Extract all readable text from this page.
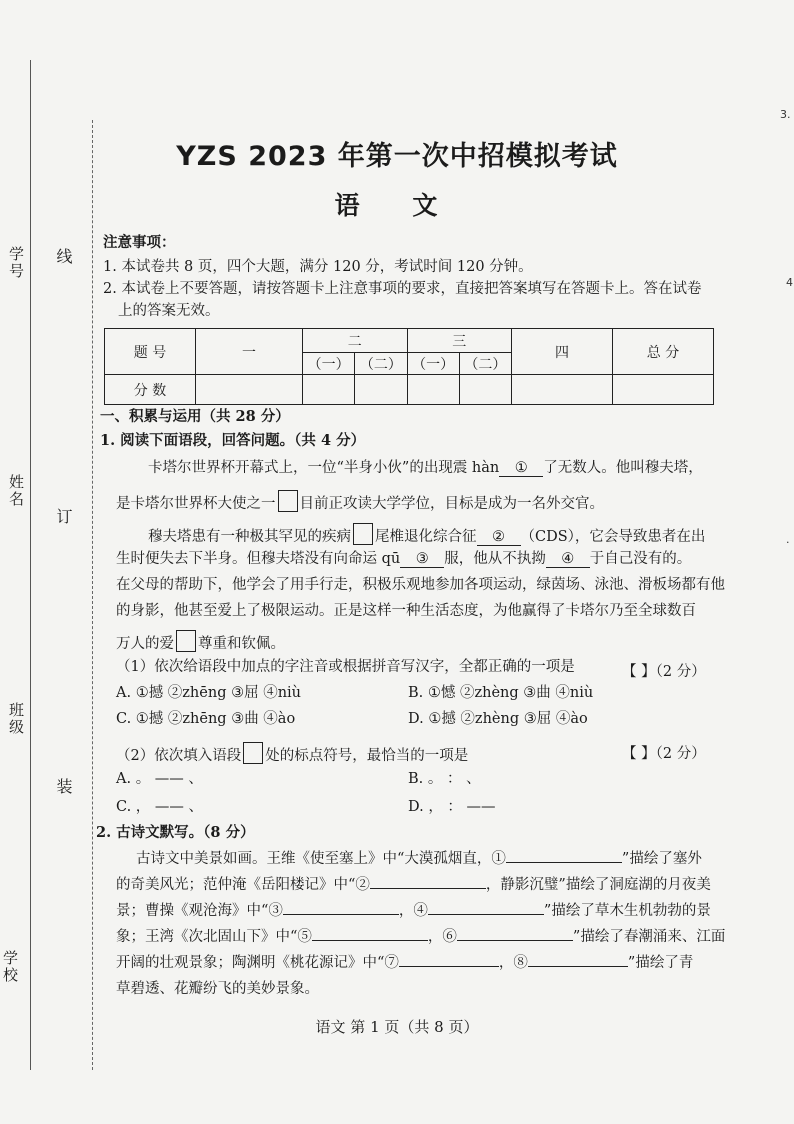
学号
姓名
班级
学校
线
订
装
3.
4
·
YZS 2023 年第一次中招模拟考试
语 文
注意事项：
1. 本试卷共 8 页，四个大题，满分 120 分，考试时间 120 分钟。
2. 本试卷上不要答题，请按答题卡上注意事项的要求，直接把答案填写在答题卡上。答在试卷
上的答案无效。
题 号	一	二		三		四	总 分
		（一）	（二）	（一）	（二）		
分 数							
一、积累与运用（共 28 分）
1. 阅读下面语段，回答问题。（共 4 分）
卡塔尔世界杯开幕式上，一位“半身小伙”的出现震 hàn ① 了无数人。他叫穆夫塔，
是卡塔尔世界杯大使之一 目前正攻读大学学位，目标是成为一名外交官。
穆夫塔患有一种极其罕见的疾病 尾椎退化综合征 ② （CDS），它会导致患者在出
生时便失去下半身。但穆夫塔没有向命运 qū ③ 服，他从不执拗 ④ 于自己没有的。
在父母的帮助下，他学会了用手行走，积极乐观地参加各项运动，绿茵场、泳池、滑板场都有他
的身影，他甚至爱上了极限运动。正是这样一种生活态度，为他赢得了卡塔尔乃至全球数百
万人的爱 尊重和钦佩。
（1）依次给语段中加点的字注音或根据拼音写汉字，全都正确的一项是	【 】（2 分）
A. ①撼 ②zhēng ③屈 ④niù	B. ①憾 ②zhèng ③曲 ④niù
C. ①撼 ②zhēng ③曲 ④ào	D. ①撼 ②zhèng ③屈 ④ào
（2）依次填入语段 处的标点符号，最恰当的一项是	【 】（2 分）
A. 。 —— 、	B. 。 ： 、
C. ， —— 、	D. ， ： ——
2. 古诗文默写。（8 分）
古诗文中美景如画。王维《使至塞上》中“大漠孤烟直，①	”描绘了塞外
的奇美风光；范仲淹《岳阳楼记》中“②	，静影沉璧”描绘了洞庭湖的月夜美
景；曹操《观沧海》中“③	，④	”描绘了草木生机勃勃的景
象；王湾《次北固山下》中“⑤	，⑥	”描绘了春潮涌来、江面
开阔的壮观景象；陶渊明《桃花源记》中“⑦	，⑧	”描绘了青
草碧透、花瓣纷飞的美妙景象。
语文 第 1 页（共 8 页）
